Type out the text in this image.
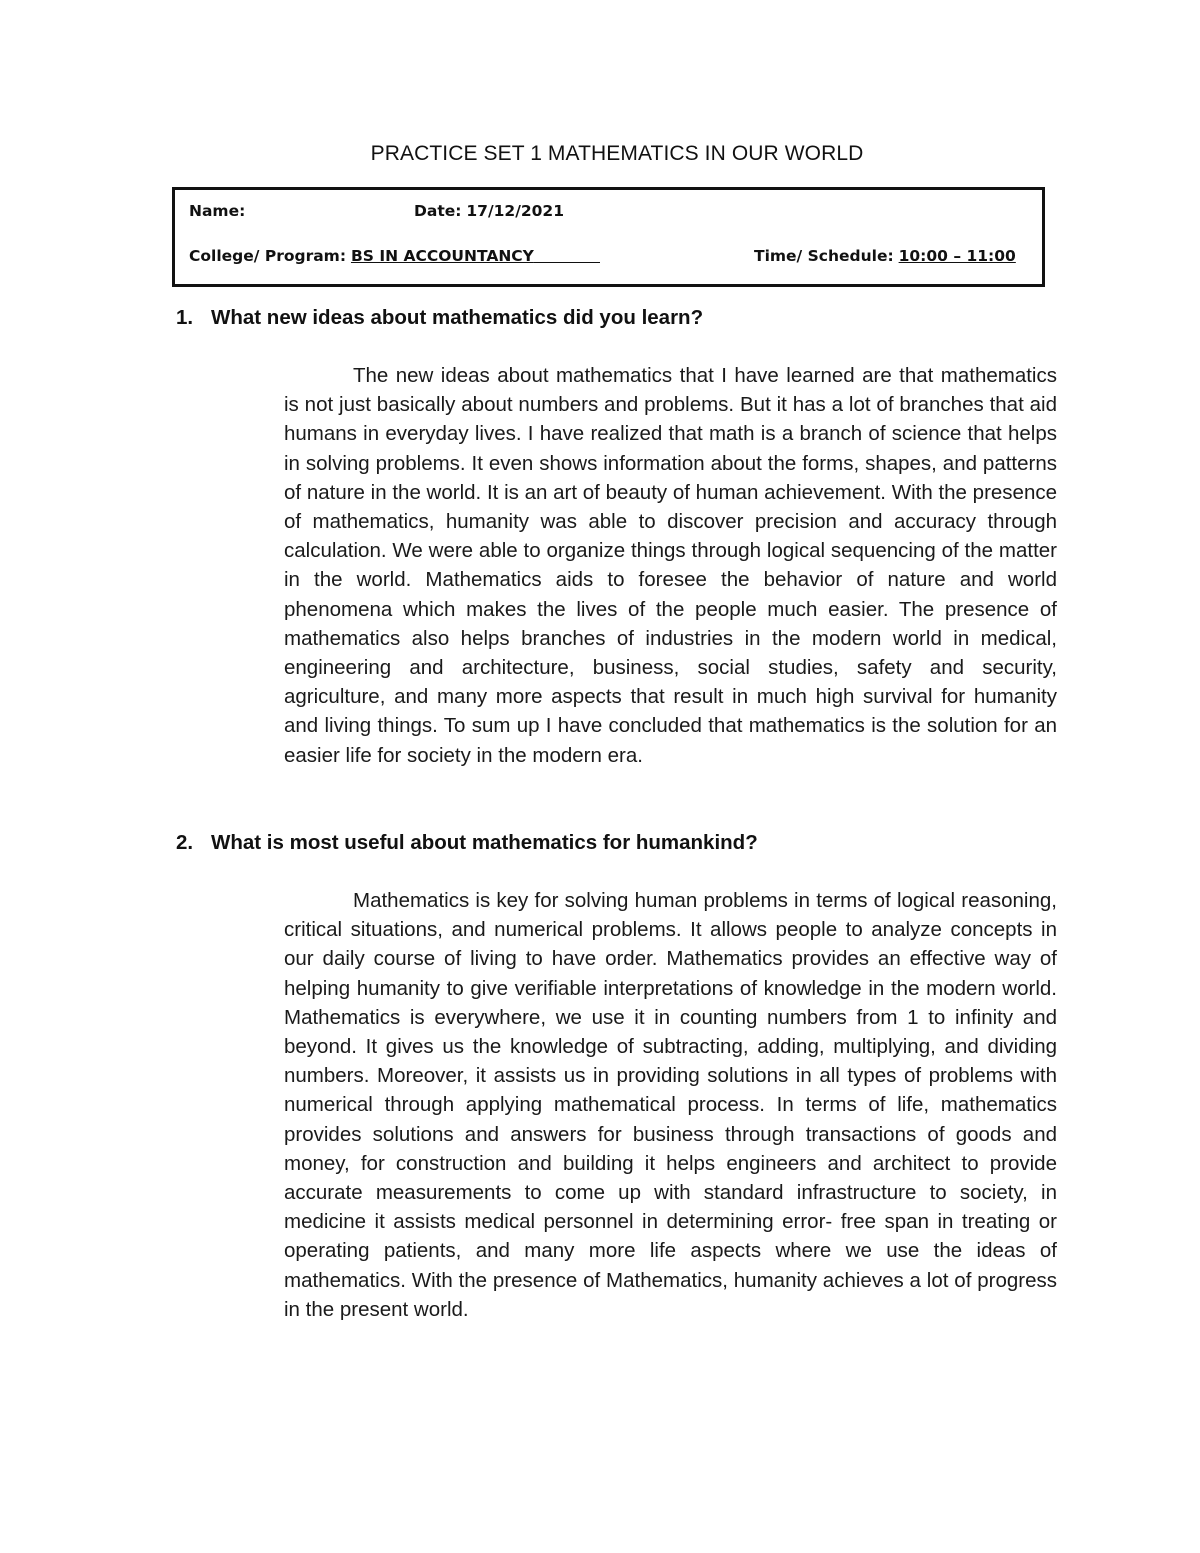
PRACTICE SET 1 MATHEMATICS IN OUR WORLD
Name:	Date: 17/12/2021
College/ Program: BS IN ACCOUNTANCY	Time/ Schedule: 10:00 – 11:00
1. What new ideas about mathematics did you learn?

The new ideas about mathematics that I have learned are that mathematics is not just basically about numbers and problems. But it has a lot of branches that aid humans in everyday lives. I have realized that math is a branch of science that helps in solving problems. It even shows information about the forms, shapes, and patterns of nature in the world. It is an art of beauty of human achievement. With the presence of mathematics, humanity was able to discover precision and accuracy through calculation. We were able to organize things through logical sequencing of the matter in the world. Mathematics aids to foresee the behavior of nature and world phenomena which makes the lives of the people much easier. The presence of mathematics also helps branches of industries in the modern world in medical, engineering and architecture, business, social studies, safety and security, agriculture, and many more aspects that result in much high survival for humanity and living things. To sum up I have concluded that mathematics is the solution for an easier life for society in the modern era.

2. What is most useful about mathematics for humankind?

Mathematics is key for solving human problems in terms of logical reasoning, critical situations, and numerical problems. It allows people to analyze concepts in our daily course of living to have order. Mathematics provides an effective way of helping humanity to give verifiable interpretations of knowledge in the modern world. Mathematics is everywhere, we use it in counting numbers from 1 to infinity and beyond. It gives us the knowledge of subtracting, adding, multiplying, and dividing numbers. Moreover, it assists us in providing solutions in all types of problems with numerical through applying mathematical process. In terms of life, mathematics provides solutions and answers for business through transactions of goods and money, for construction and building it helps engineers and architect to provide accurate measurements to come up with standard infrastructure to society, in medicine it assists medical personnel in determining error- free span in treating or operating patients, and many more life aspects where we use the ideas of mathematics. With the presence of Mathematics, humanity achieves a lot of progress in the present world.
